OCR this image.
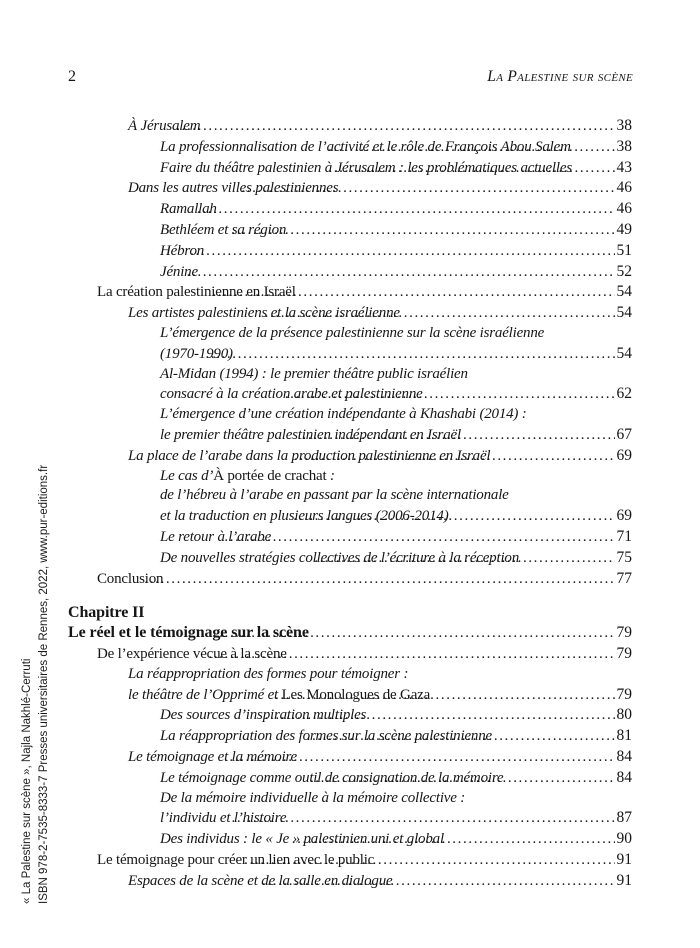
« La Palestine sur scène », Najla Nakhlé-Cerruti ISBN 978-2-7535-8333-7 Presses universitaires de Rennes, 2022, www.pur-editions.fr
2	La Palestine sur scène
À Jérusalem .....	38
La professionnalisation de l’activité et le rôle de François Abou Salem .....	38
Faire du théâtre palestinien à Jérusalem : les problématiques actuelles .....	43
Dans les autres villes palestiniennes .....	46
Ramallah .....	46
Bethléem et sa région .....	49
Hébron .....	51
Jénine .....	52
La création palestinienne en Israël .....	54
Les artistes palestiniens et la scène israélienne .....	54
L’émergence de la présence palestinienne sur la scène israélienne
(1970-1990) .....	54
Al-Midan (1994) : le premier théâtre public israélien
consacré à la création arabe et palestinienne .....	62
L’émergence d’une création indépendante à Khashabi (2014) :
le premier théâtre palestinien indépendant en Israël .....	67
La place de l’arabe dans la production palestinienne en Israël .....	69
Le cas d’À portée de crachat :
de l’hébreu à l’arabe en passant par la scène internationale
et la traduction en plusieurs langues (2006-2014) .....	69
Le retour à l’arabe .....	71
De nouvelles stratégies collectives de l’écriture à la réception .....	75
Conclusion .....	77
Chapitre II
Le réel et le témoignage sur la scène .....	79
De l’expérience vécue à la scène .....	79
La réappropriation des formes pour témoigner :
le théâtre de l’Opprimé et Les Monologues de Gaza .....	79
Des sources d’inspiration multiples .....	80
La réappropriation des formes sur la scène palestinienne .....	81
Le témoignage et la mémoire .....	84
Le témoignage comme outil de consignation de la mémoire .....	84
De la mémoire individuelle à la mémoire collective :
l’individu et l’histoire .....	87
Des individus : le « Je » palestinien uni et global .....	90
Le témoignage pour créer un lien avec le public .....	91
Espaces de la scène et de la salle en dialogue .....	91
